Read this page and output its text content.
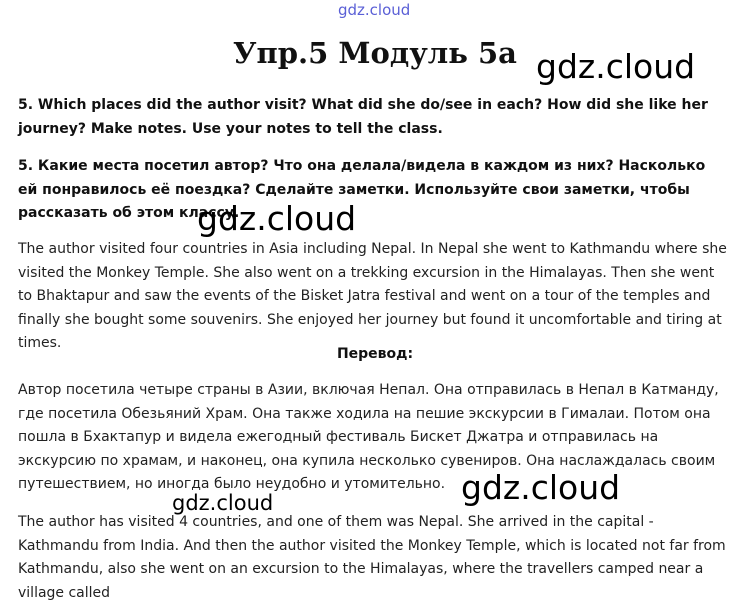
gdz.cloud
Упр.5 Модуль 5а gdz.cloud

5. Which places did the author visit? What did she do/see in each? How did she like her journey? Make notes. Use your notes to tell the class.

5. Какие места посетил автор? Что она делала/видела в каждом из них? Насколько ей понравилось её поездка? Сделайте заметки. Используйте свои заметки, чтобы рассказать об этом классу.

gdz.cloud

The author visited four countries in Asia including Nepal. In Nepal she went to Kathmandu where she visited the Monkey Temple. She also went on a trekking excursion in the Himalayas. Then she went to Bhaktapur and saw the events of the Bisket Jatra festival and went on a tour of the temples and finally she bought some souvenirs. She enjoyed her journey but found it uncomfortable and tiring at times.

Перевод:

Автор посетила четыре страны в Азии, включая Непал. Она отправилась в Непал в Катманду, где посетила Обезьяний Храм. Она также ходила на пешие экскурсии в Гималаи. Потом она пошла в Бхактапур и видела ежегодный фестиваль Бискет Джатра и отправилась на экскурсию по храмам, и наконец, она купила несколько сувениров. Она наслаждалась своим путешествием, но иногда было неудобно и утомительно. gdz.cloud
gdz.cloud

The author has visited 4 countries, and one of them was Nepal. She arrived in the capital - Kathmandu from India. And then the author visited the Monkey Temple, which is located not far from Kathmandu, also she went on an excursion to the Himalayas, where the travellers camped near a village called
